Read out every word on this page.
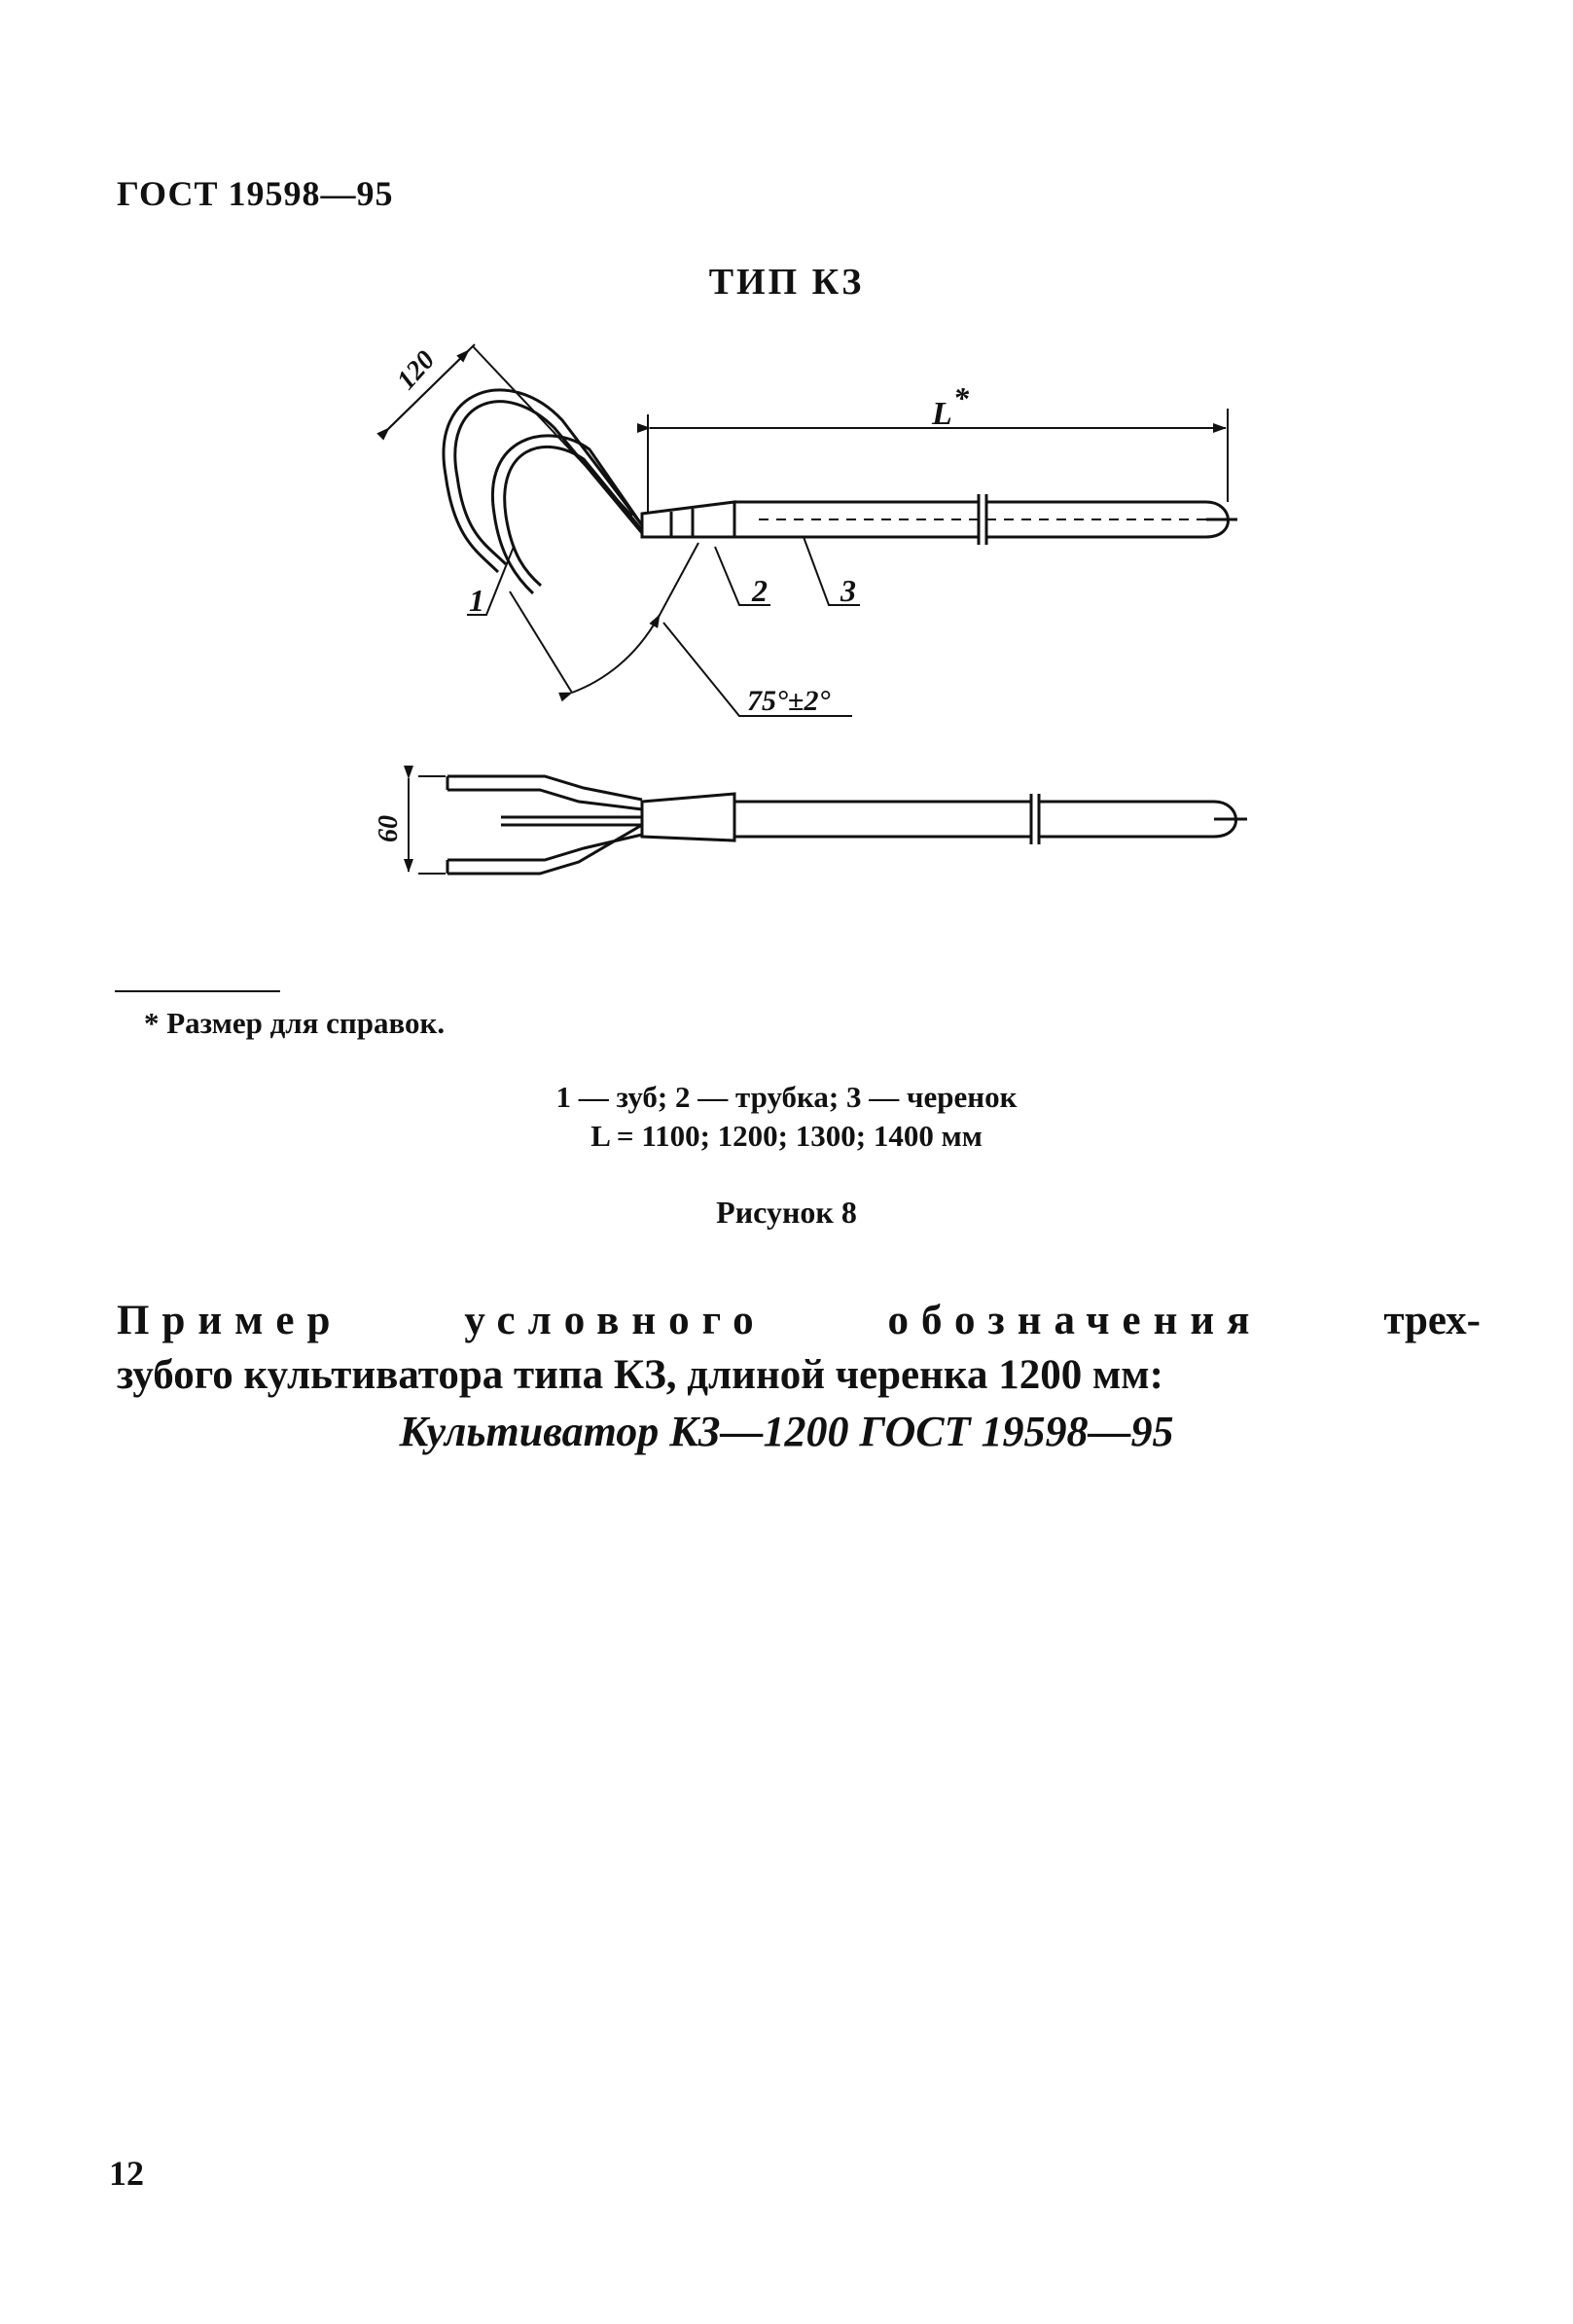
ГОСТ 19598—95
ТИП КЗ
120
L *
1	2 3
75°±2°
60
* Размер для справок.
1 — зуб; 2 — трубка; 3 — черенок
L = 1100; 1200; 1300; 1400 мм
Рисунок 8
Пример	условного	обозначения	трех-
зубого культиватора типа КЗ, длиной черенка 1200 мм:
Культиватор КЗ—1200 ГОСТ 19598—95
12
